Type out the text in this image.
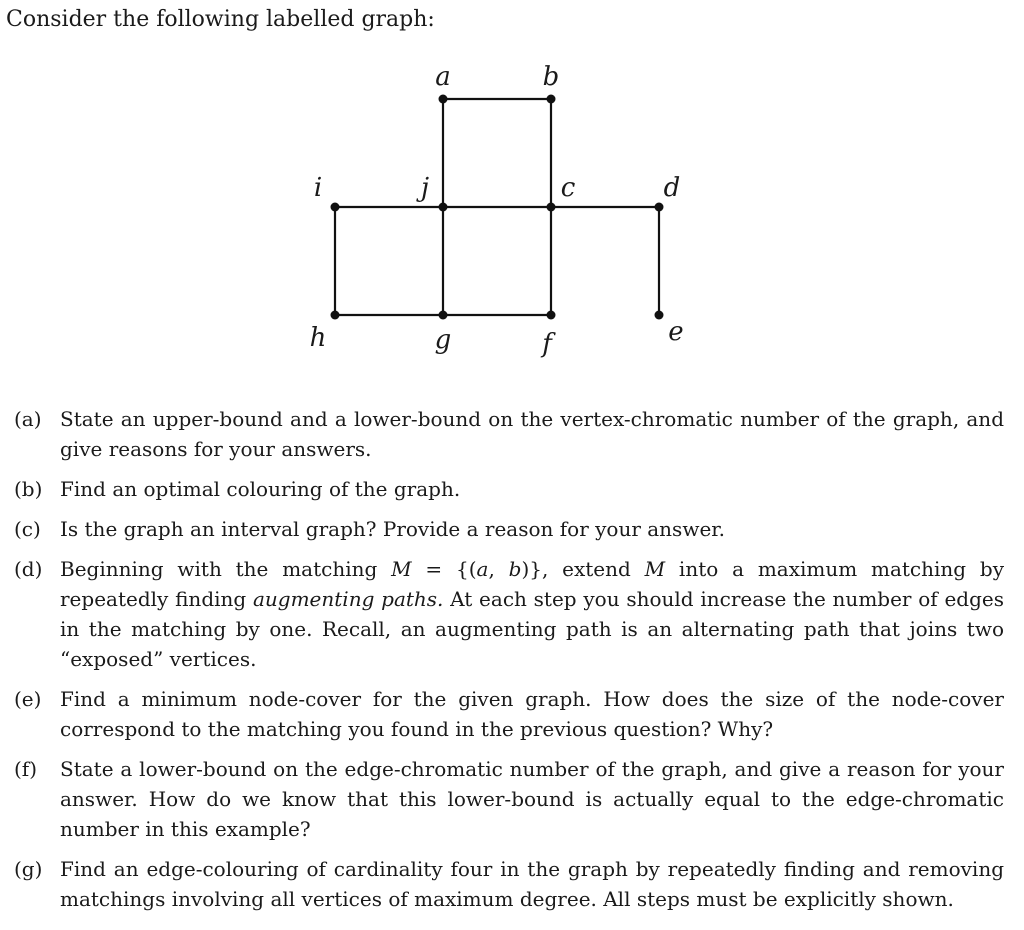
Consider the following labelled graph:
a	b
i	j	c	d
h	g	f	e
(a) State an upper-bound and a lower-bound on the vertex-chromatic number of the graph, and give reasons for your answers.
(b) Find an optimal colouring of the graph.
(c) Is the graph an interval graph? Provide a reason for your answer.
(d) Beginning with the matching M = {(a, b)}, extend M into a maximum matching by repeatedly finding augmenting paths. At each step you should increase the number of edges in the matching by one. Recall, an augmenting path is an alternating path that joins two “exposed” vertices.
(e) Find a minimum node-cover for the given graph. How does the size of the node-cover correspond to the matching you found in the previous question? Why?
(f) State a lower-bound on the edge-chromatic number of the graph, and give a reason for your answer. How do we know that this lower-bound is actually equal to the edge-chromatic number in this example?
(g) Find an edge-colouring of cardinality four in the graph by repeatedly finding and removing matchings involving all vertices of maximum degree. All steps must be explicitly shown.
